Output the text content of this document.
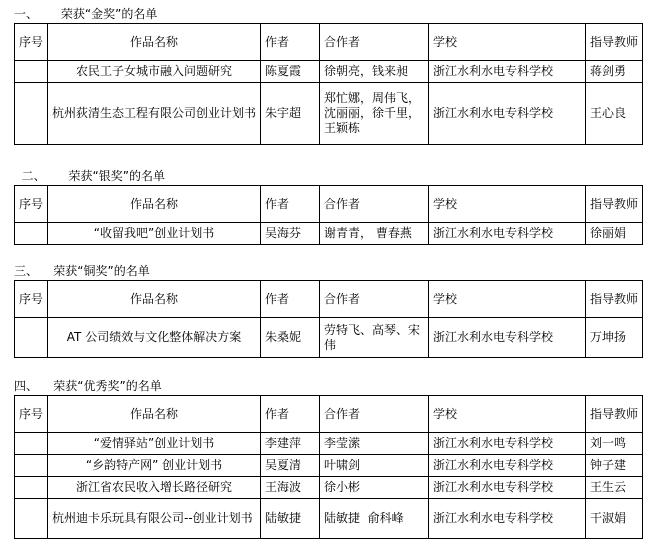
一、      荣获“金奖”的名单
序号	作品名称	作者	合作者	学校	指导教师
	农民工子女城市融入问题研究	陈夏霞	徐朝亮，钱来昶	浙江水利水电专科学校	蒋剑勇
	杭州荻清生态工程有限公司创业计划书	朱宇超	郑忙娜，周伟飞，沈丽丽，徐千里，王颖栋	浙江水利水电专科学校	王心良
二、      荣获“银奖”的名单
序号	作品名称	作者	合作者	学校	指导教师
	“收留我吧”创业计划书	吴海芬	谢青青， 曹春燕	浙江水利水电专科学校	徐丽娟
三、    荣获“铜奖”的名单
序号	作品名称	作者	合作者	学校	指导教师
	AT 公司绩效与文化整体解决方案	朱桑妮	劳特飞、高琴、宋伟	浙江水利水电专科学校	万坤扬
四、    荣获“优秀奖”的名单
序号	作品名称	作者	合作者	学校	指导教师
	“爱情驿站”创业计划书	李建萍	李莹潆	浙江水利水电专科学校	刘一鸣
	“乡韵特产网” 创业计划书	吴夏清	叶啸剑	浙江水利水电专科学校	钟子建
	浙江省农民收入增长路径研究	王海波	徐小彬	浙江水利水电专科学校	王生云
	杭州迪卡乐玩具有限公司--创业计划书	陆敏捷	陆敏捷  俞科峰	浙江水利水电专科学校	干淑娟
